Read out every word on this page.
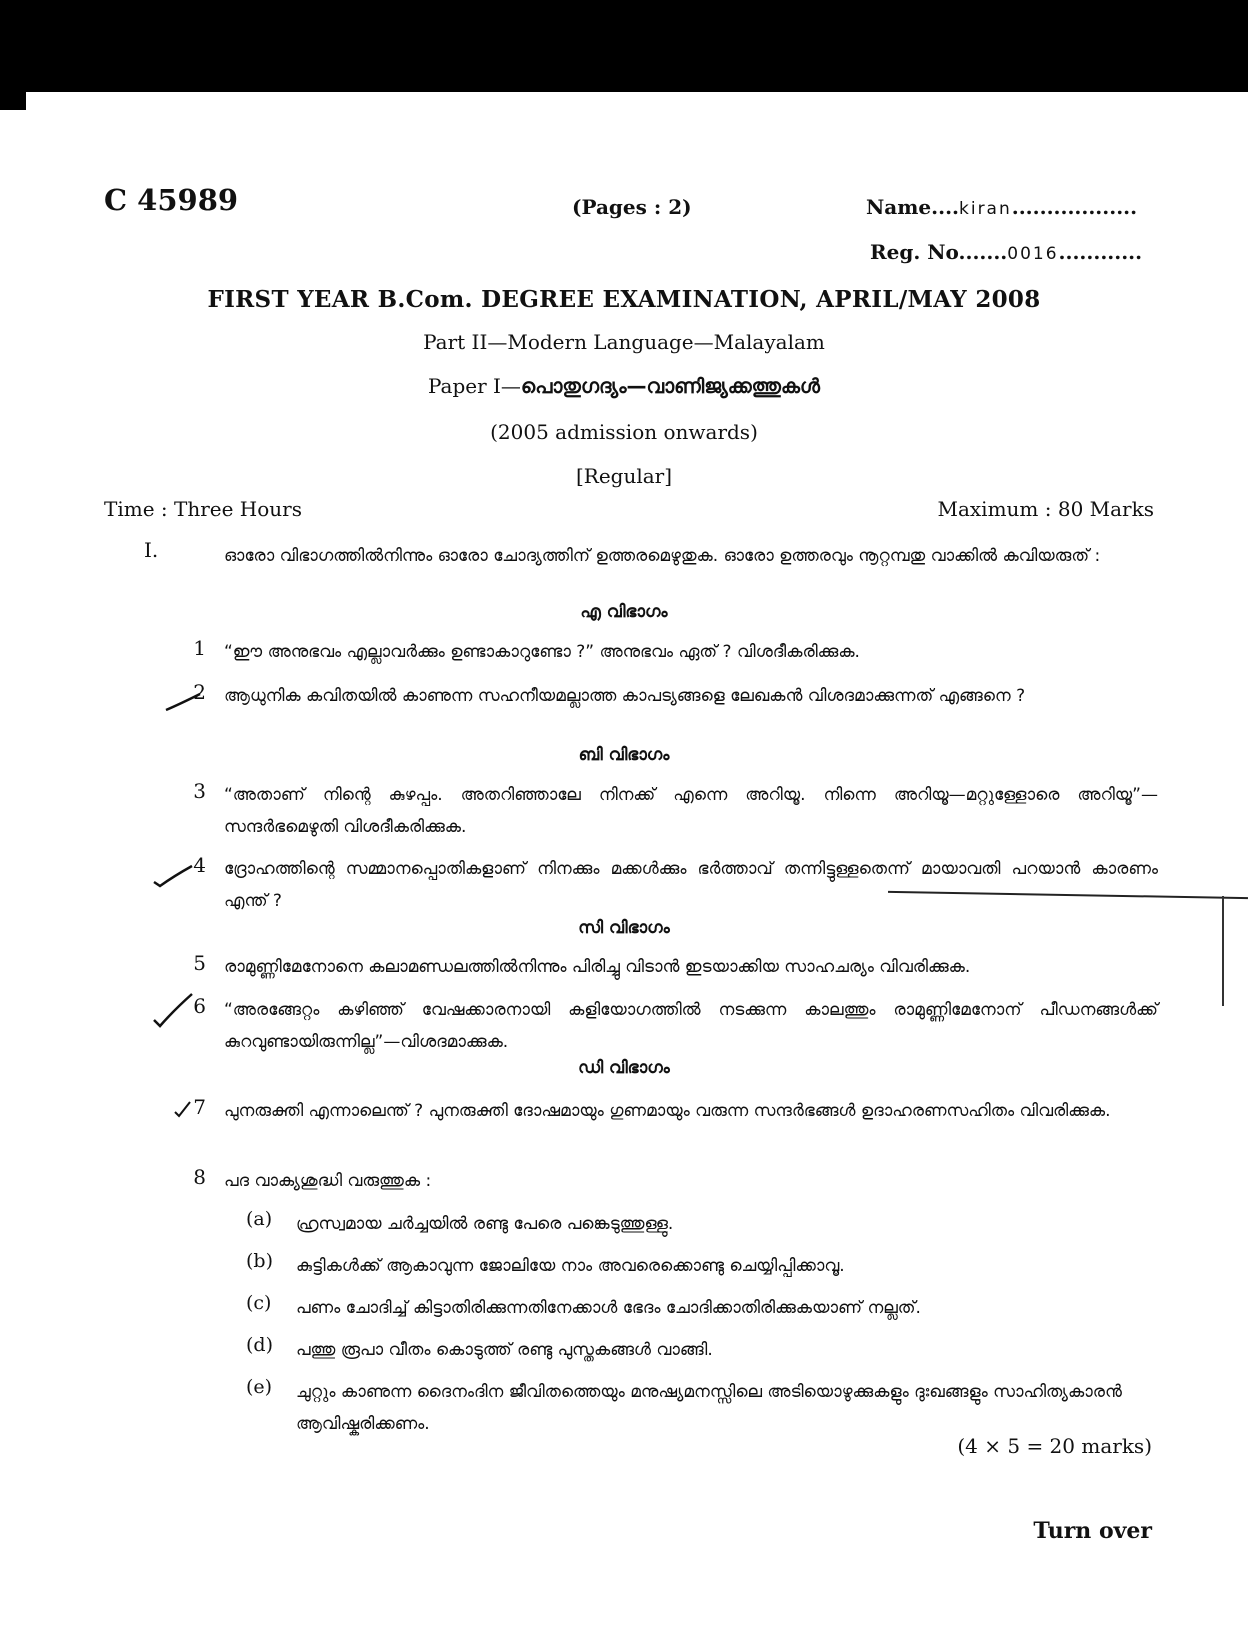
C 45989	(Pages : 2)	Name....kiran..................
Reg. No.......0016............
FIRST YEAR B.Com. DEGREE EXAMINATION, APRIL/MAY 2008
Part II—Modern Language—Malayalam
Paper I—പൊതുഗദ്യം—വാണിജ്യക്കത്തുകൾ
(2005 admission onwards)
[Regular]
Time : Three Hours	Maximum : 80 Marks
I.	ഓരോ വിഭാഗത്തിൽനിന്നും ഓരോ ചോദ്യത്തിന് ഉത്തരമെഴുതുക. ഓരോ ഉത്തരവും നൂറ്റമ്പതു വാക്കിൽ കവിയരുത് :
എ വിഭാഗം
1 “ഈ അനുഭവം എല്ലാവർക്കും ഉണ്ടാകാറുണ്ടോ ?” അനുഭവം ഏത് ? വിശദീകരിക്കുക.
2 ആധുനിക കവിതയിൽ കാണുന്ന സഹനീയമല്ലാത്ത കാപട്യങ്ങളെ ലേഖകൻ വിശദമാക്കുന്നത് എങ്ങനെ ?
ബി വിഭാഗം
3 “അതാണ് നിന്റെ കുഴപ്പം. അതറിഞ്ഞാലേ നിനക്ക് എന്നെ അറിയൂ. നിന്നെ അറിയൂ—മറ്റുള്ളോരെ അറിയൂ”—സന്ദർഭമെഴുതി വിശദീകരിക്കുക.
4 ദ്രോഹത്തിന്റെ സമ്മാനപ്പൊതികളാണ് നിനക്കും മക്കൾക്കും ഭർത്താവ് തന്നിട്ടുള്ളതെന്ന് മായാവതി പറയാൻ കാരണം എന്ത് ?
സി വിഭാഗം
5 രാമുണ്ണിമേനോനെ കലാമണ്ഡലത്തിൽനിന്നും പിരിച്ചു വിടാൻ ഇടയാക്കിയ സാഹചര്യം വിവരിക്കുക.
6 “അരങ്ങേറ്റം കഴിഞ്ഞ് വേഷക്കാരനായി കളിയോഗത്തിൽ നടക്കുന്ന കാലത്തും രാമുണ്ണിമേനോന് പീഡനങ്ങൾക്ക് കുറവുണ്ടായിരുന്നില്ല”—വിശദമാക്കുക.
ഡി വിഭാഗം
7 പുനരുക്തി എന്നാലെന്ത് ? പുനരുക്തി ദോഷമായും ഗുണമായും വരുന്ന സന്ദർഭങ്ങൾ ഉദാഹരണസഹിതം വിവരിക്കുക.
8 പദ വാക്യശുദ്ധി വരുത്തുക :
(a) ഹ്രസ്വമായ ചർച്ചയിൽ രണ്ടു പേരെ പങ്കെടുത്തുള്ളു.
(b) കുട്ടികൾക്ക് ആകാവുന്ന ജോലിയേ നാം അവരെക്കൊണ്ടു ചെയ്യിപ്പിക്കാവൂ.
(c) പണം ചോദിച്ച് കിട്ടാതിരിക്കുന്നതിനേക്കാൾ ഭേദം ചോദിക്കാതിരിക്കുകയാണ് നല്ലത്.
(d) പത്തു രൂപാ വീതം കൊടുത്ത് രണ്ടു പുസ്തകങ്ങൾ വാങ്ങി.
(e) ചുറ്റും കാണുന്ന ദൈനംദിന ജീവിതത്തെയും മനുഷ്യമനസ്സിലെ അടിയൊഴുക്കുകളും ദുഃഖങ്ങളും സാഹിത്യകാരൻ ആവിഷ്കരിക്കണം.
(4 × 5 = 20 marks)
Turn over
